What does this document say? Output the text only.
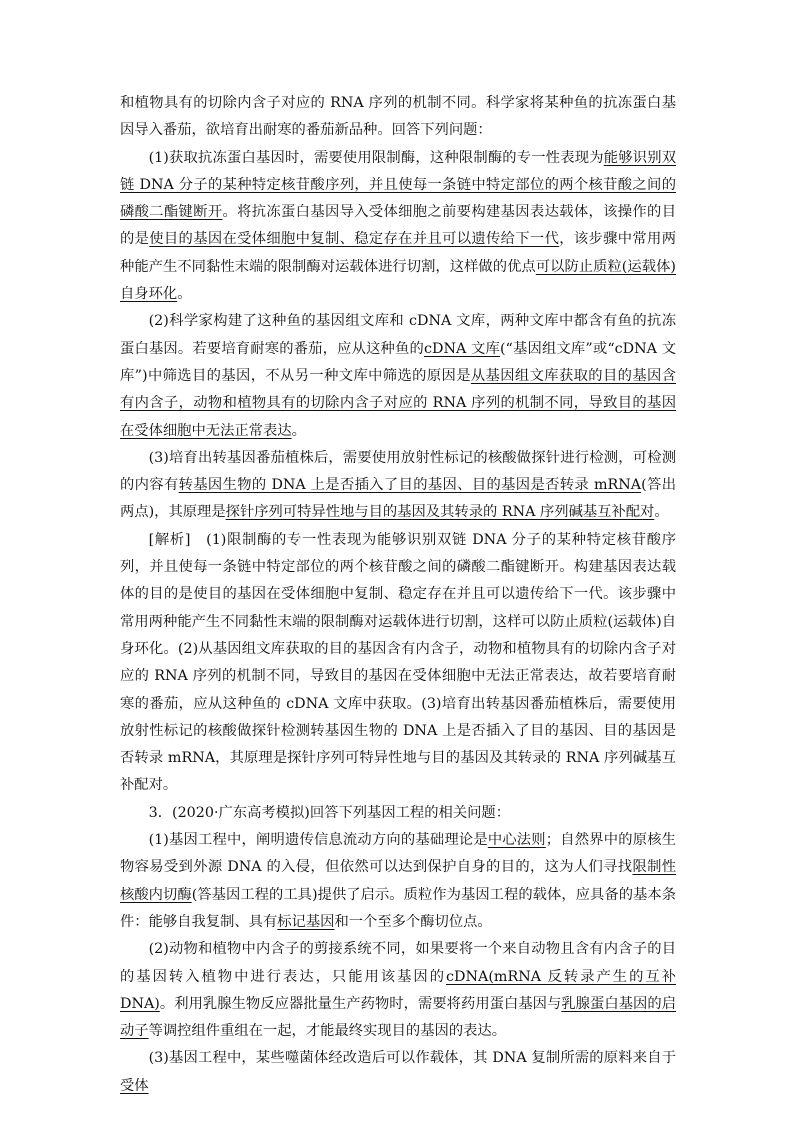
和植物具有的切除内含子对应的 RNA 序列的机制不同。科学家将某种鱼的抗冻蛋白基因导入番茄，欲培育出耐寒的番茄新品种。回答下列问题：

(1)获取抗冻蛋白基因时，需要使用限制酶，这种限制酶的专一性表现为能够识别双链 DNA 分子的某种特定核苷酸序列，并且使每一条链中特定部位的两个核苷酸之间的磷酸二酯键断开。将抗冻蛋白基因导入受体细胞之前要构建基因表达载体，该操作的目的是使目的基因在受体细胞中复制、稳定存在并且可以遗传给下一代，该步骤中常用两种能产生不同黏性末端的限制酶对运载体进行切割，这样做的优点可以防止质粒(运载体)自身环化。

(2)科学家构建了这种鱼的基因组文库和 cDNA 文库，两种文库中都含有鱼的抗冻蛋白基因。若要培育耐寒的番茄，应从这种鱼的cDNA 文库(“基因组文库”或“cDNA 文库”)中筛选目的基因，不从另一种文库中筛选的原因是从基因组文库获取的目的基因含有内含子，动物和植物具有的切除内含子对应的 RNA 序列的机制不同，导致目的基因在受体细胞中无法正常表达。

(3)培育出转基因番茄植株后，需要使用放射性标记的核酸做探针进行检测，可检测的内容有转基因生物的 DNA 上是否插入了目的基因、目的基因是否转录 mRNA(答出两点)，其原理是探针序列可特异性地与目的基因及其转录的 RNA 序列碱基互补配对。

[解析]　(1)限制酶的专一性表现为能够识别双链 DNA 分子的某种特定核苷酸序列，并且使每一条链中特定部位的两个核苷酸之间的磷酸二酯键断开。构建基因表达载体的目的是使目的基因在受体细胞中复制、稳定存在并且可以遗传给下一代。该步骤中常用两种能产生不同黏性末端的限制酶对运载体进行切割，这样可以防止质粒(运载体)自身环化。(2)从基因组文库获取的目的基因含有内含子，动物和植物具有的切除内含子对应的 RNA 序列的机制不同，导致目的基因在受体细胞中无法正常表达，故若要培育耐寒的番茄，应从这种鱼的 cDNA 文库中获取。(3)培育出转基因番茄植株后，需要使用放射性标记的核酸做探针检测转基因生物的 DNA 上是否插入了目的基因、目的基因是否转录 mRNA，其原理是探针序列可特异性地与目的基因及其转录的 RNA 序列碱基互补配对。

3．(2020·广东高考模拟)回答下列基因工程的相关问题：

(1)基因工程中，阐明遗传信息流动方向的基础理论是中心法则；自然界中的原核生物容易受到外源 DNA 的入侵，但依然可以达到保护自身的目的，这为人们寻找限制性核酸内切酶(答基因工程的工具)提供了启示。质粒作为基因工程的载体，应具备的基本条件：能够自我复制、具有标记基因和一个至多个酶切位点。

(2)动物和植物中内含子的剪接系统不同，如果要将一个来自动物且含有内含子的目的基因转入植物中进行表达，只能用该基因的cDNA(mRNA 反转录产生的互补 DNA)。利用乳腺生物反应器批量生产药物时，需要将药用蛋白基因与乳腺蛋白基因的启动子等调控组件重组在一起，才能最终实现目的基因的表达。

(3)基因工程中，某些噬菌体经改造后可以作载体，其 DNA 复制所需的原料来自于受体
